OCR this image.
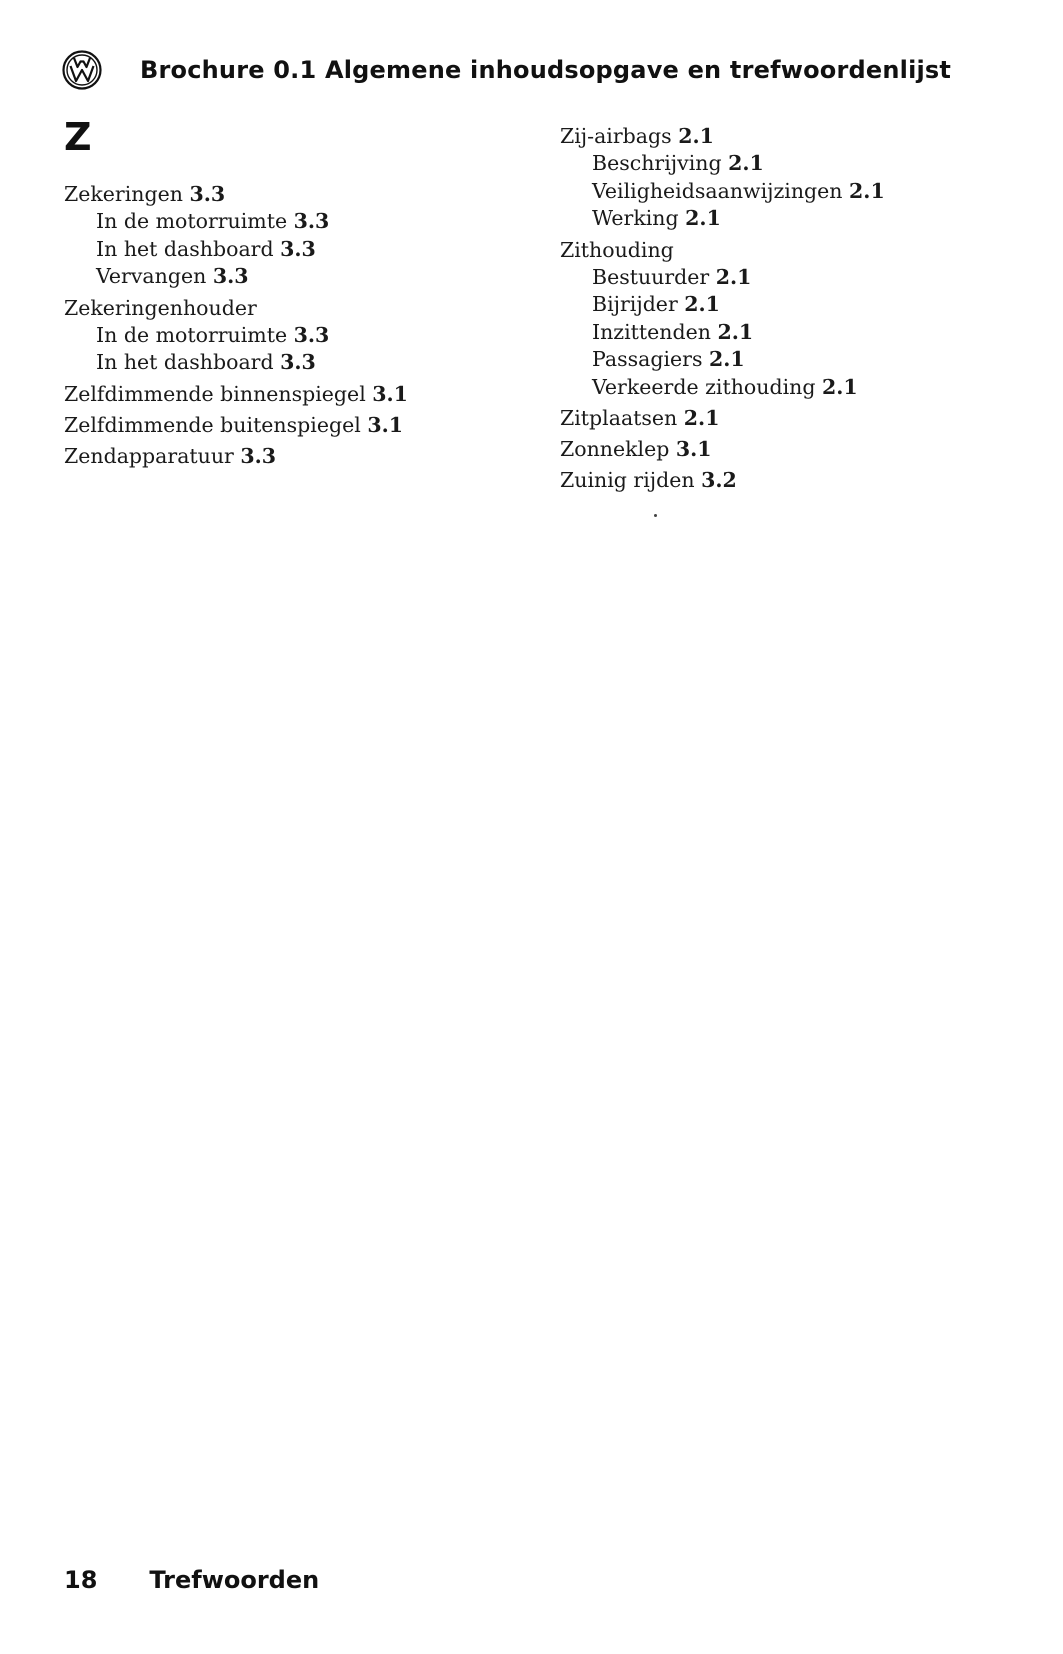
Brochure 0.1 Algemene inhoudsopgave en trefwoordenlijst
Z
Zekeringen 3.3
In de motorruimte 3.3
In het dashboard 3.3
Vervangen 3.3
Zekeringenhouder
In de motorruimte 3.3
In het dashboard 3.3
Zelfdimmende binnenspiegel 3.1
Zelfdimmende buitenspiegel 3.1
Zendapparatuur 3.3
Zij-airbags 2.1
Beschrijving 2.1
Veiligheidsaanwijzingen 2.1
Werking 2.1
Zithouding
Bestuurder 2.1
Bijrijder 2.1
Inzittenden 2.1
Passagiers 2.1
Verkeerde zithouding 2.1
Zitplaatsen 2.1
Zonneklep 3.1
Zuinig rijden 3.2
18 Trefwoorden
